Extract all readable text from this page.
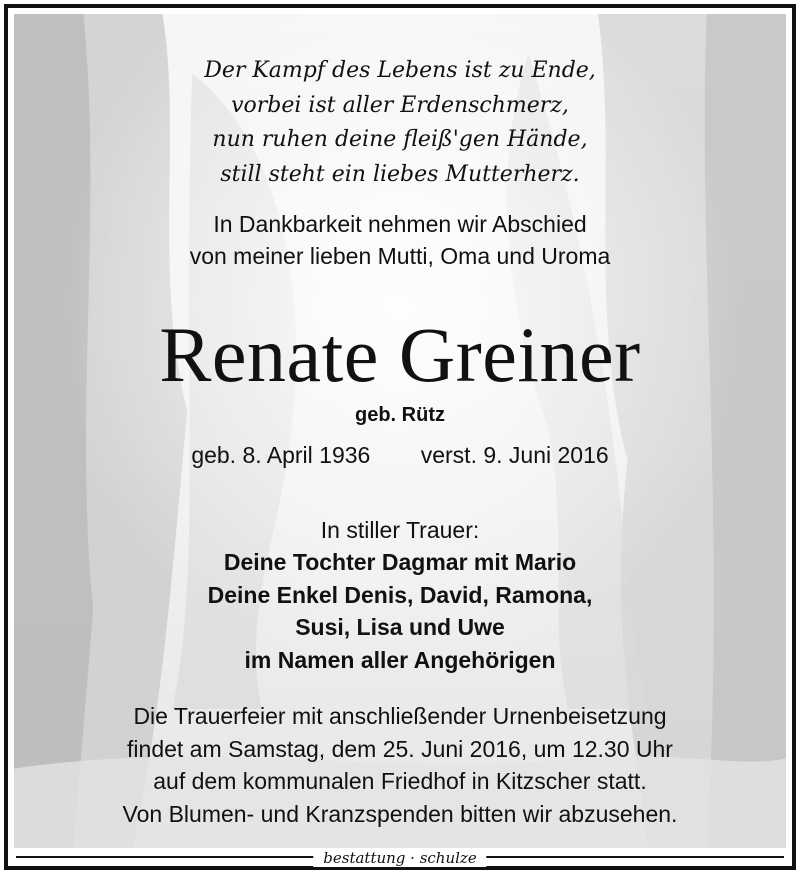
Der Kampf des Lebens ist zu Ende,
vorbei ist aller Erdenschmerz,
nun ruhen deine fleiß'gen Hände,
still steht ein liebes Mutterherz.
In Dankbarkeit nehmen wir Abschied
von meiner lieben Mutti, Oma und Uroma
Renate Greiner
geb. Rütz
geb. 8. April 1936 verst. 9. Juni 2016
In stiller Trauer:
Deine Tochter Dagmar mit Mario
Deine Enkel Denis, David, Ramona,
Susi, Lisa und Uwe
im Namen aller Angehörigen
Die Trauerfeier mit anschließender Urnenbeisetzung
findet am Samstag, dem 25. Juni 2016, um 12.30 Uhr
auf dem kommunalen Friedhof in Kitzscher statt.
Von Blumen- und Kranzspenden bitten wir abzusehen.
bestattung · schulze
